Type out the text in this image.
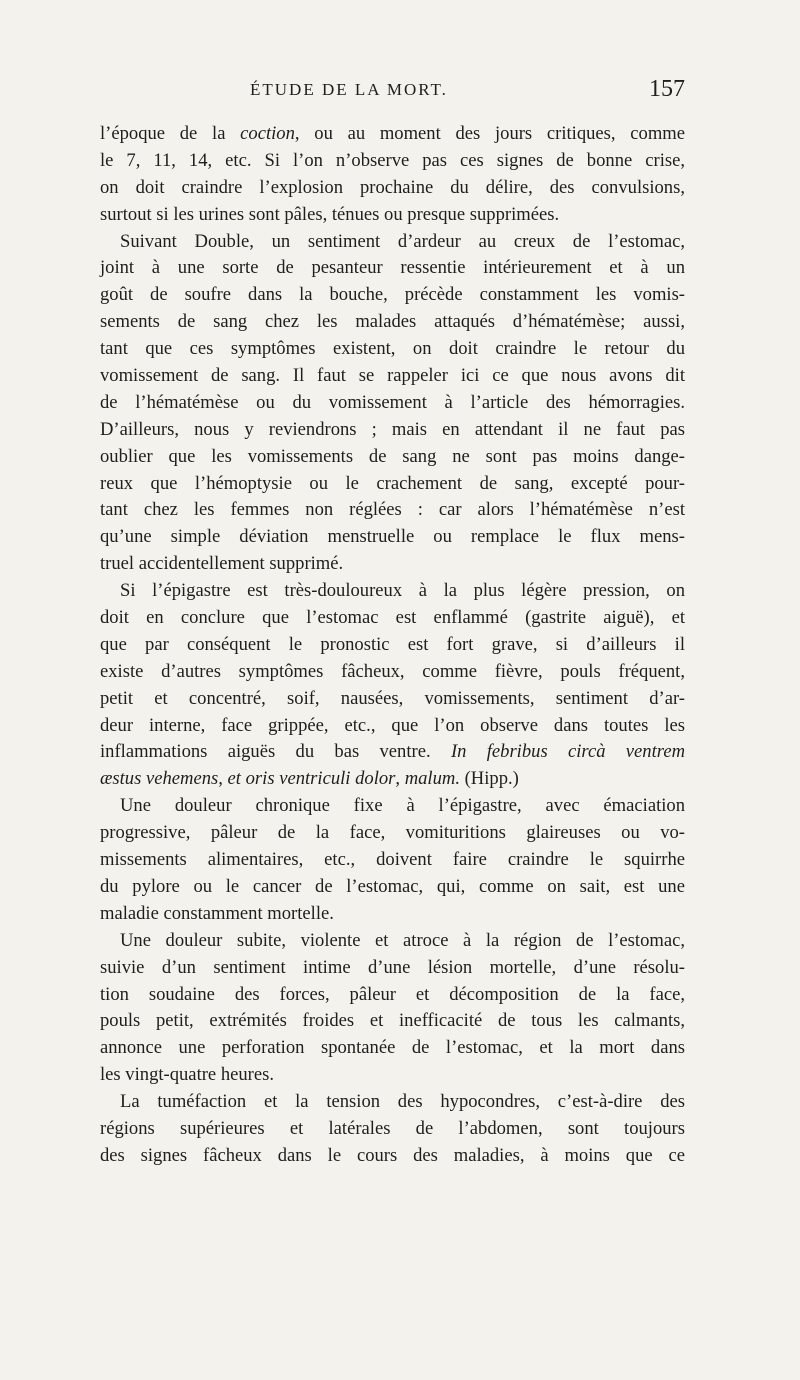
ÉTUDE DE LA MORT.	157
l’époque de la coction, ou au moment des jours critiques, comme
le 7, 11, 14, etc. Si l’on n’observe pas ces signes de bonne crise,
on doit craindre l’explosion prochaine du délire, des convulsions,
surtout si les urines sont pâles, ténues ou presque supprimées.
Suivant Double, un sentiment d’ardeur au creux de l’estomac,
joint à une sorte de pesanteur ressentie intérieurement et à un
goût de soufre dans la bouche, précède constamment les vomis-
sements de sang chez les malades attaqués d’hématémèse; aussi,
tant que ces symptômes existent, on doit craindre le retour du
vomissement de sang. Il faut se rappeler ici ce que nous avons dit
de l’hématémèse ou du vomissement à l’article des hémorragies.
D’ailleurs, nous y reviendrons ; mais en attendant il ne faut pas
oublier que les vomissements de sang ne sont pas moins dange-
reux que l’hémoptysie ou le crachement de sang, excepté pour-
tant chez les femmes non réglées : car alors l’hématémèse n’est
qu’une simple déviation menstruelle ou remplace le flux mens-
truel accidentellement supprimé.
Si l’épigastre est très-douloureux à la plus légère pression, on
doit en conclure que l’estomac est enflammé (gastrite aiguë), et
que par conséquent le pronostic est fort grave, si d’ailleurs il
existe d’autres symptômes fâcheux, comme fièvre, pouls fréquent,
petit et concentré, soif, nausées, vomissements, sentiment d’ar-
deur interne, face grippée, etc., que l’on observe dans toutes les
inflammations aiguës du bas ventre. In febribus circà ventrem
æstus vehemens, et oris ventriculi dolor, malum. (Hipp.)
Une douleur chronique fixe à l’épigastre, avec émaciation
progressive, pâleur de la face, vomituritions glaireuses ou vo-
missements alimentaires, etc., doivent faire craindre le squirrhe
du pylore ou le cancer de l’estomac, qui, comme on sait, est une
maladie constamment mortelle.
Une douleur subite, violente et atroce à la région de l’estomac,
suivie d’un sentiment intime d’une lésion mortelle, d’une résolu-
tion soudaine des forces, pâleur et décomposition de la face,
pouls petit, extrémités froides et inefficacité de tous les calmants,
annonce une perforation spontanée de l’estomac, et la mort dans
les vingt-quatre heures.
La tuméfaction et la tension des hypocondres, c’est-à-dire des
régions supérieures et latérales de l’abdomen, sont toujours
des signes fâcheux dans le cours des maladies, à moins que ce
